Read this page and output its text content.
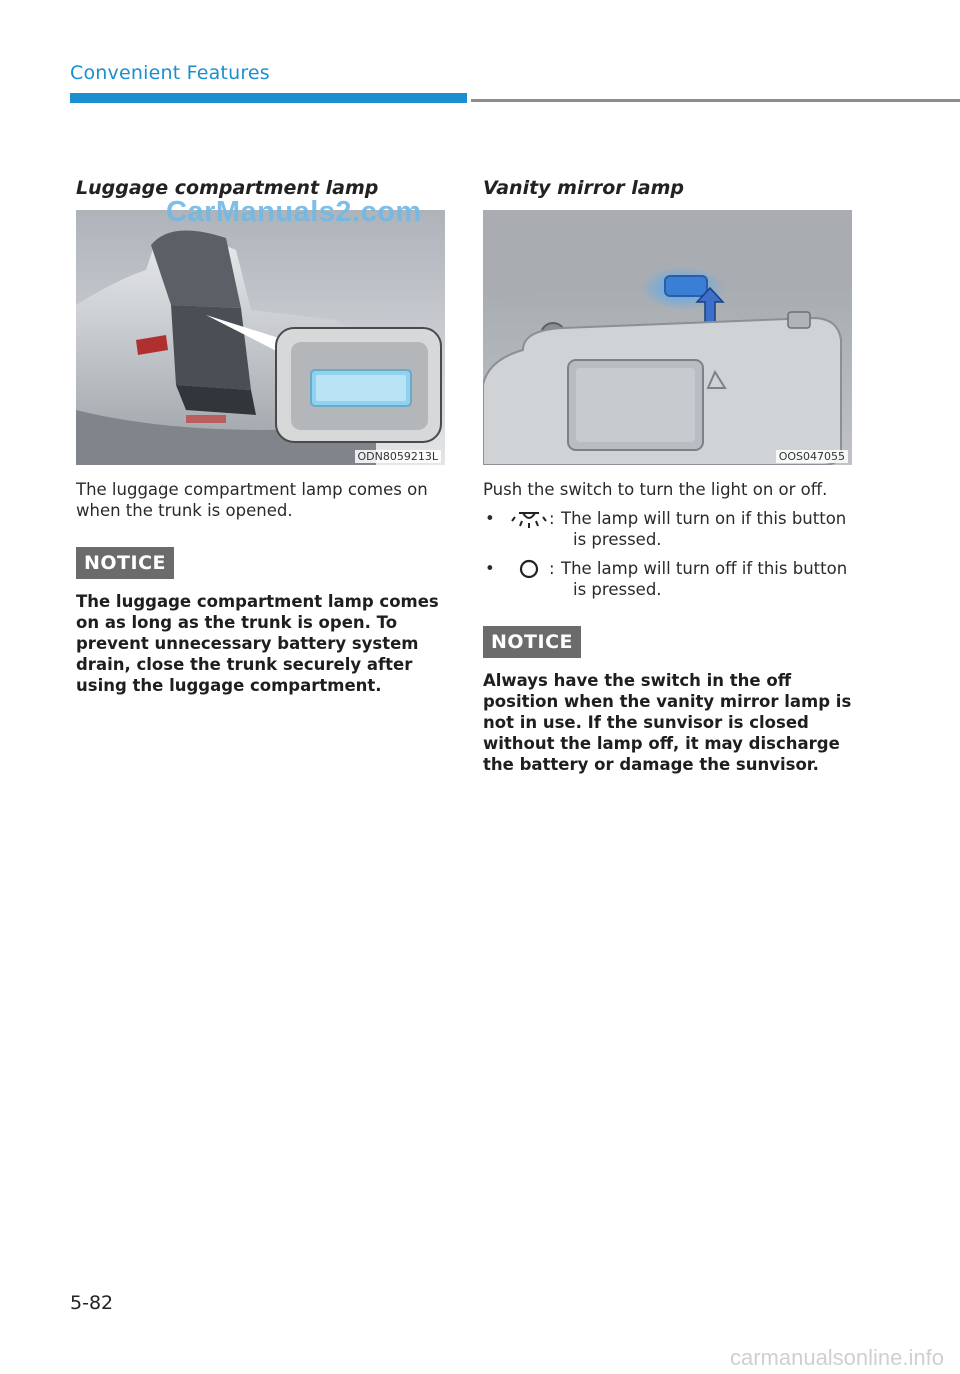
Convenient Features
Luggage compartment lamp
ODN8059213L
The luggage compartment lamp comes on when the trunk is opened.
NOTICE
The luggage compartment lamp comes on as long as the trunk is open. To prevent unnecessary battery system drain, close the trunk securely after using the luggage compartment.
CarManuals2.com
Vanity mirror lamp
OOS047055
Push the switch to turn the light on or off.
•	: The lamp will turn on if this button is pressed.
•	: The lamp will turn off if this button is pressed.
NOTICE
Always have the switch in the off position when the vanity mirror lamp is not in use. If the sunvisor is closed without the lamp off, it may discharge the battery or damage the sunvisor.
5-82
carmanualsonline.info
